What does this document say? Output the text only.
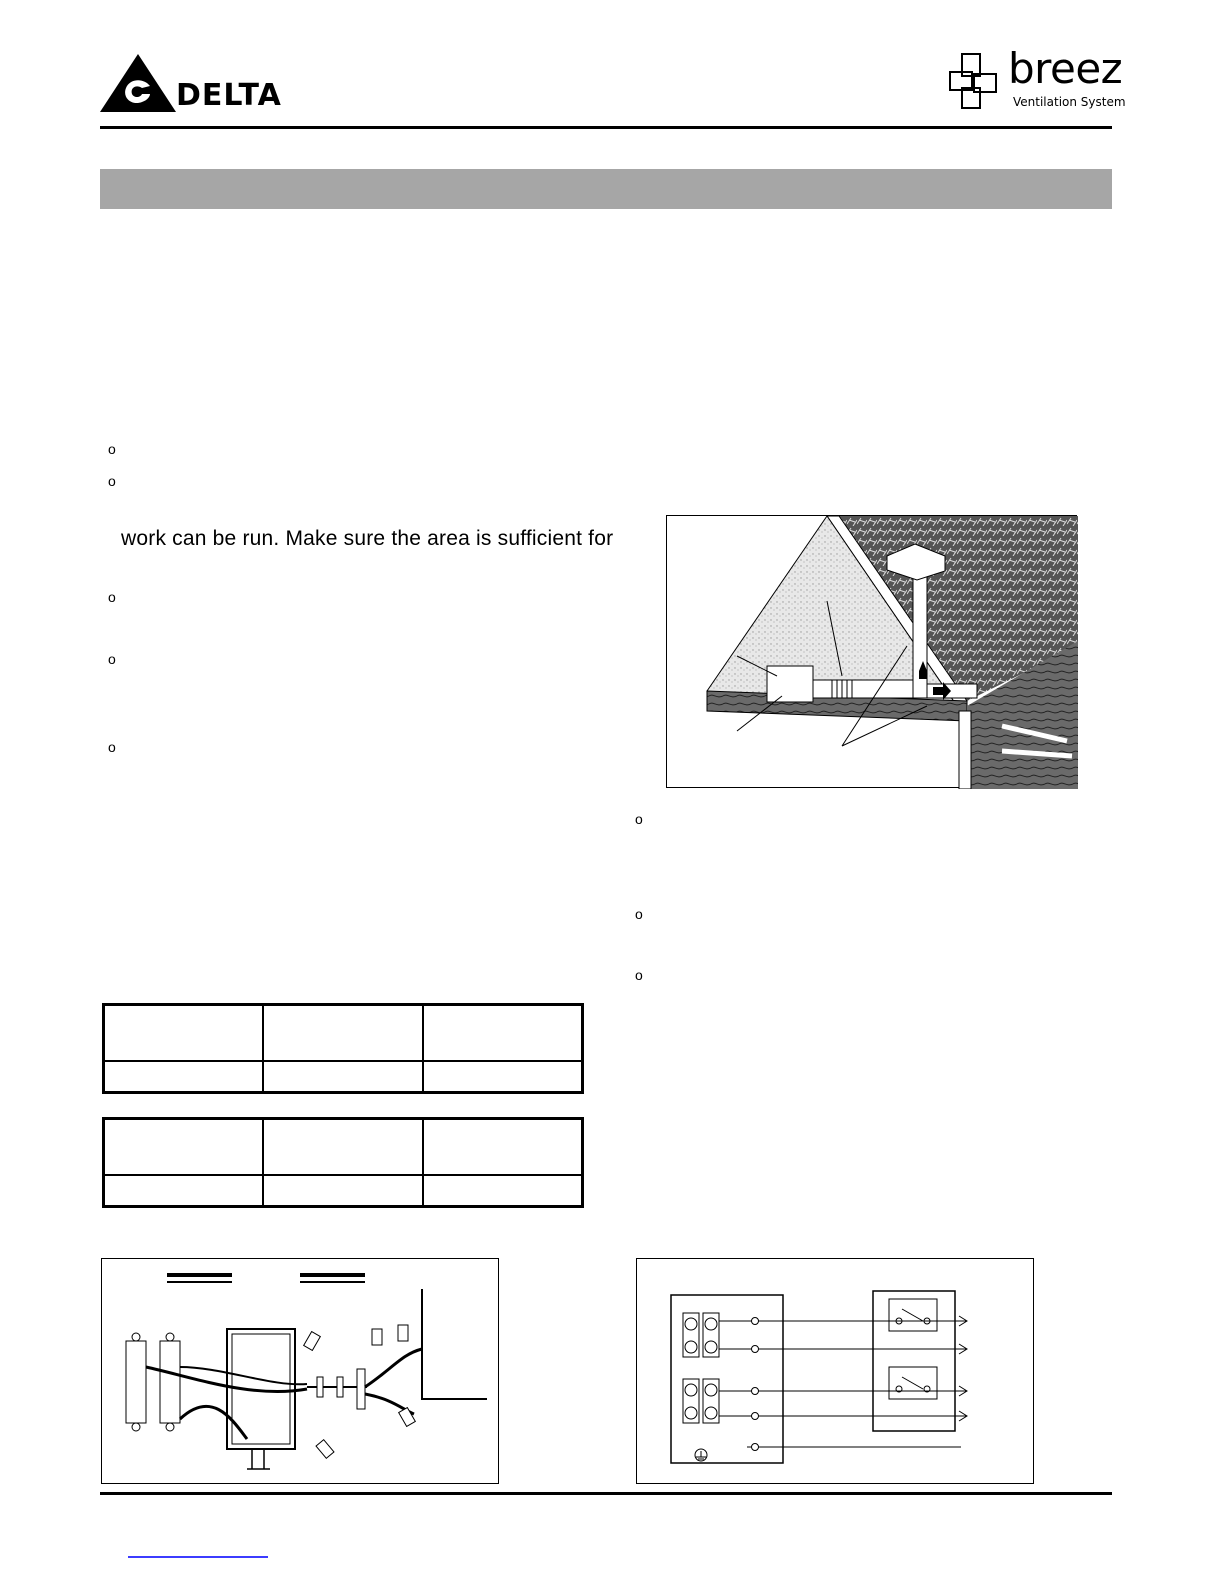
DELTA
breez
Ventilation System
o
o
work can be run. Make sure the area is sufficient for
o
o
o
o
o
o
